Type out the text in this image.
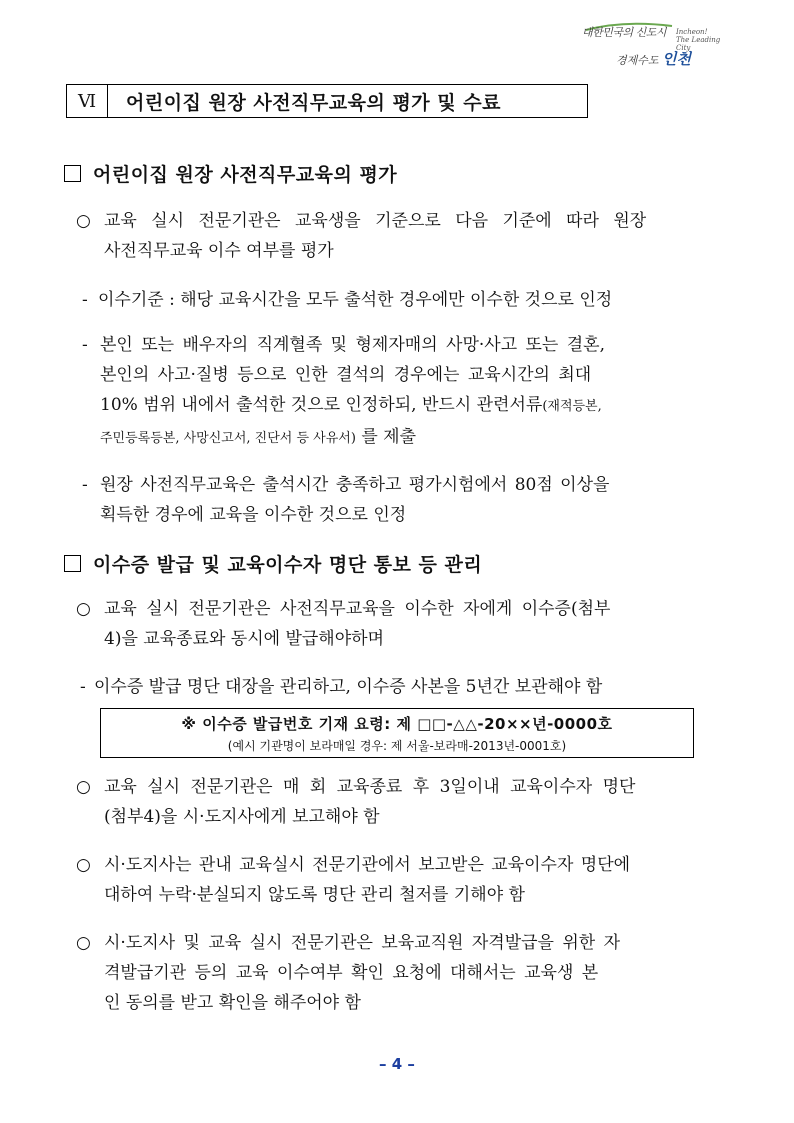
대한민국의 신도시 Incheon!
The Leading City
경제수도 인천
Ⅵ	어린이집 원장 사전직무교육의 평가 및 수료
어린이집 원장 사전직무교육의 평가
○ 교육 실시 전문기관은 교육생을 기준으로 다음 기준에 따라 원장
사전직무교육 이수 여부를 평가
- 이수기준 : 해당 교육시간을 모두 출석한 경우에만 이수한 것으로 인정
- 본인 또는 배우자의 직계혈족 및 형제자매의 사망·사고 또는 결혼,
본인의 사고·질병 등으로 인한 결석의 경우에는 교육시간의 최대
10% 범위 내에서 출석한 것으로 인정하되, 반드시 관련서류(재적등본,
주민등록등본, 사망신고서, 진단서 등 사유서) 를 제출
- 원장 사전직무교육은 출석시간 충족하고 평가시험에서 80점 이상을
획득한 경우에 교육을 이수한 것으로 인정
이수증 발급 및 교육이수자 명단 통보 등 관리
○ 교육 실시 전문기관은 사전직무교육을 이수한 자에게 이수증(첨부
4)을 교육종료와 동시에 발급해야하며
- 이수증 발급 명단 대장을 관리하고, 이수증 사본을 5년간 보관해야 함
※ 이수증 발급번호 기재 요령: 제 □□-△△-20××년-0000호
(예시 기관명이 보라매일 경우: 제 서울-보라매-2013년-0001호)
○ 교육 실시 전문기관은 매 회 교육종료 후 3일이내 교육이수자 명단
(첨부4)을 시·도지사에게 보고해야 함
○ 시·도지사는 관내 교육실시 전문기관에서 보고받은 교육이수자 명단에
대하여 누락·분실되지 않도록 명단 관리 철저를 기해야 함
○ 시·도지사 및 교육 실시 전문기관은 보육교직원 자격발급을 위한 자
격발급기관 등의 교육 이수여부 확인 요청에 대해서는 교육생 본
인 동의를 받고 확인을 해주어야 함
– 4 –
